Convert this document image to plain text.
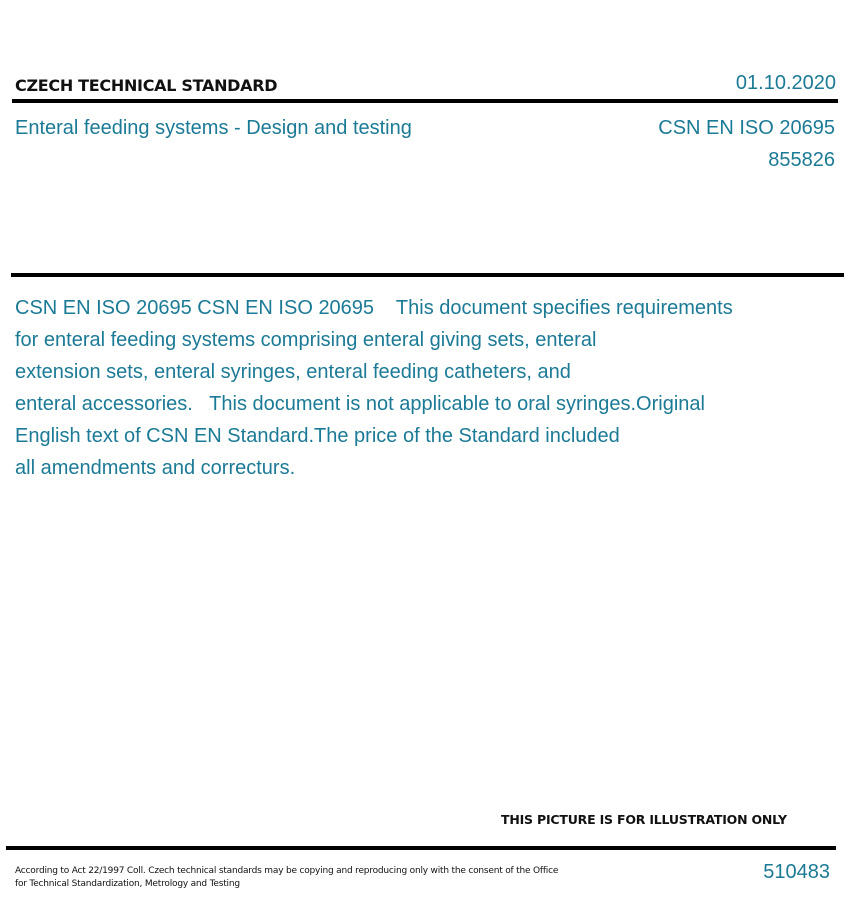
CZECH TECHNICAL STANDARD	01.10.2020
Enteral feeding systems - Design and testing	CSN EN ISO 20695
855826
CSN EN ISO 20695 CSN EN ISO 20695    This document specifies requirements
for enteral feeding systems comprising enteral giving sets, enteral
extension sets, enteral syringes, enteral feeding catheters, and
enteral accessories.   This document is not applicable to oral syringes.Original
English text of CSN EN Standard.The price of the Standard included
all amendments and correcturs.
THIS PICTURE IS FOR ILLUSTRATION ONLY
According to Act 22/1997 Coll. Czech technical standards may be copying and reproducing only with the consent of the Office
for Technical Standardization, Metrology and Testing
510483
